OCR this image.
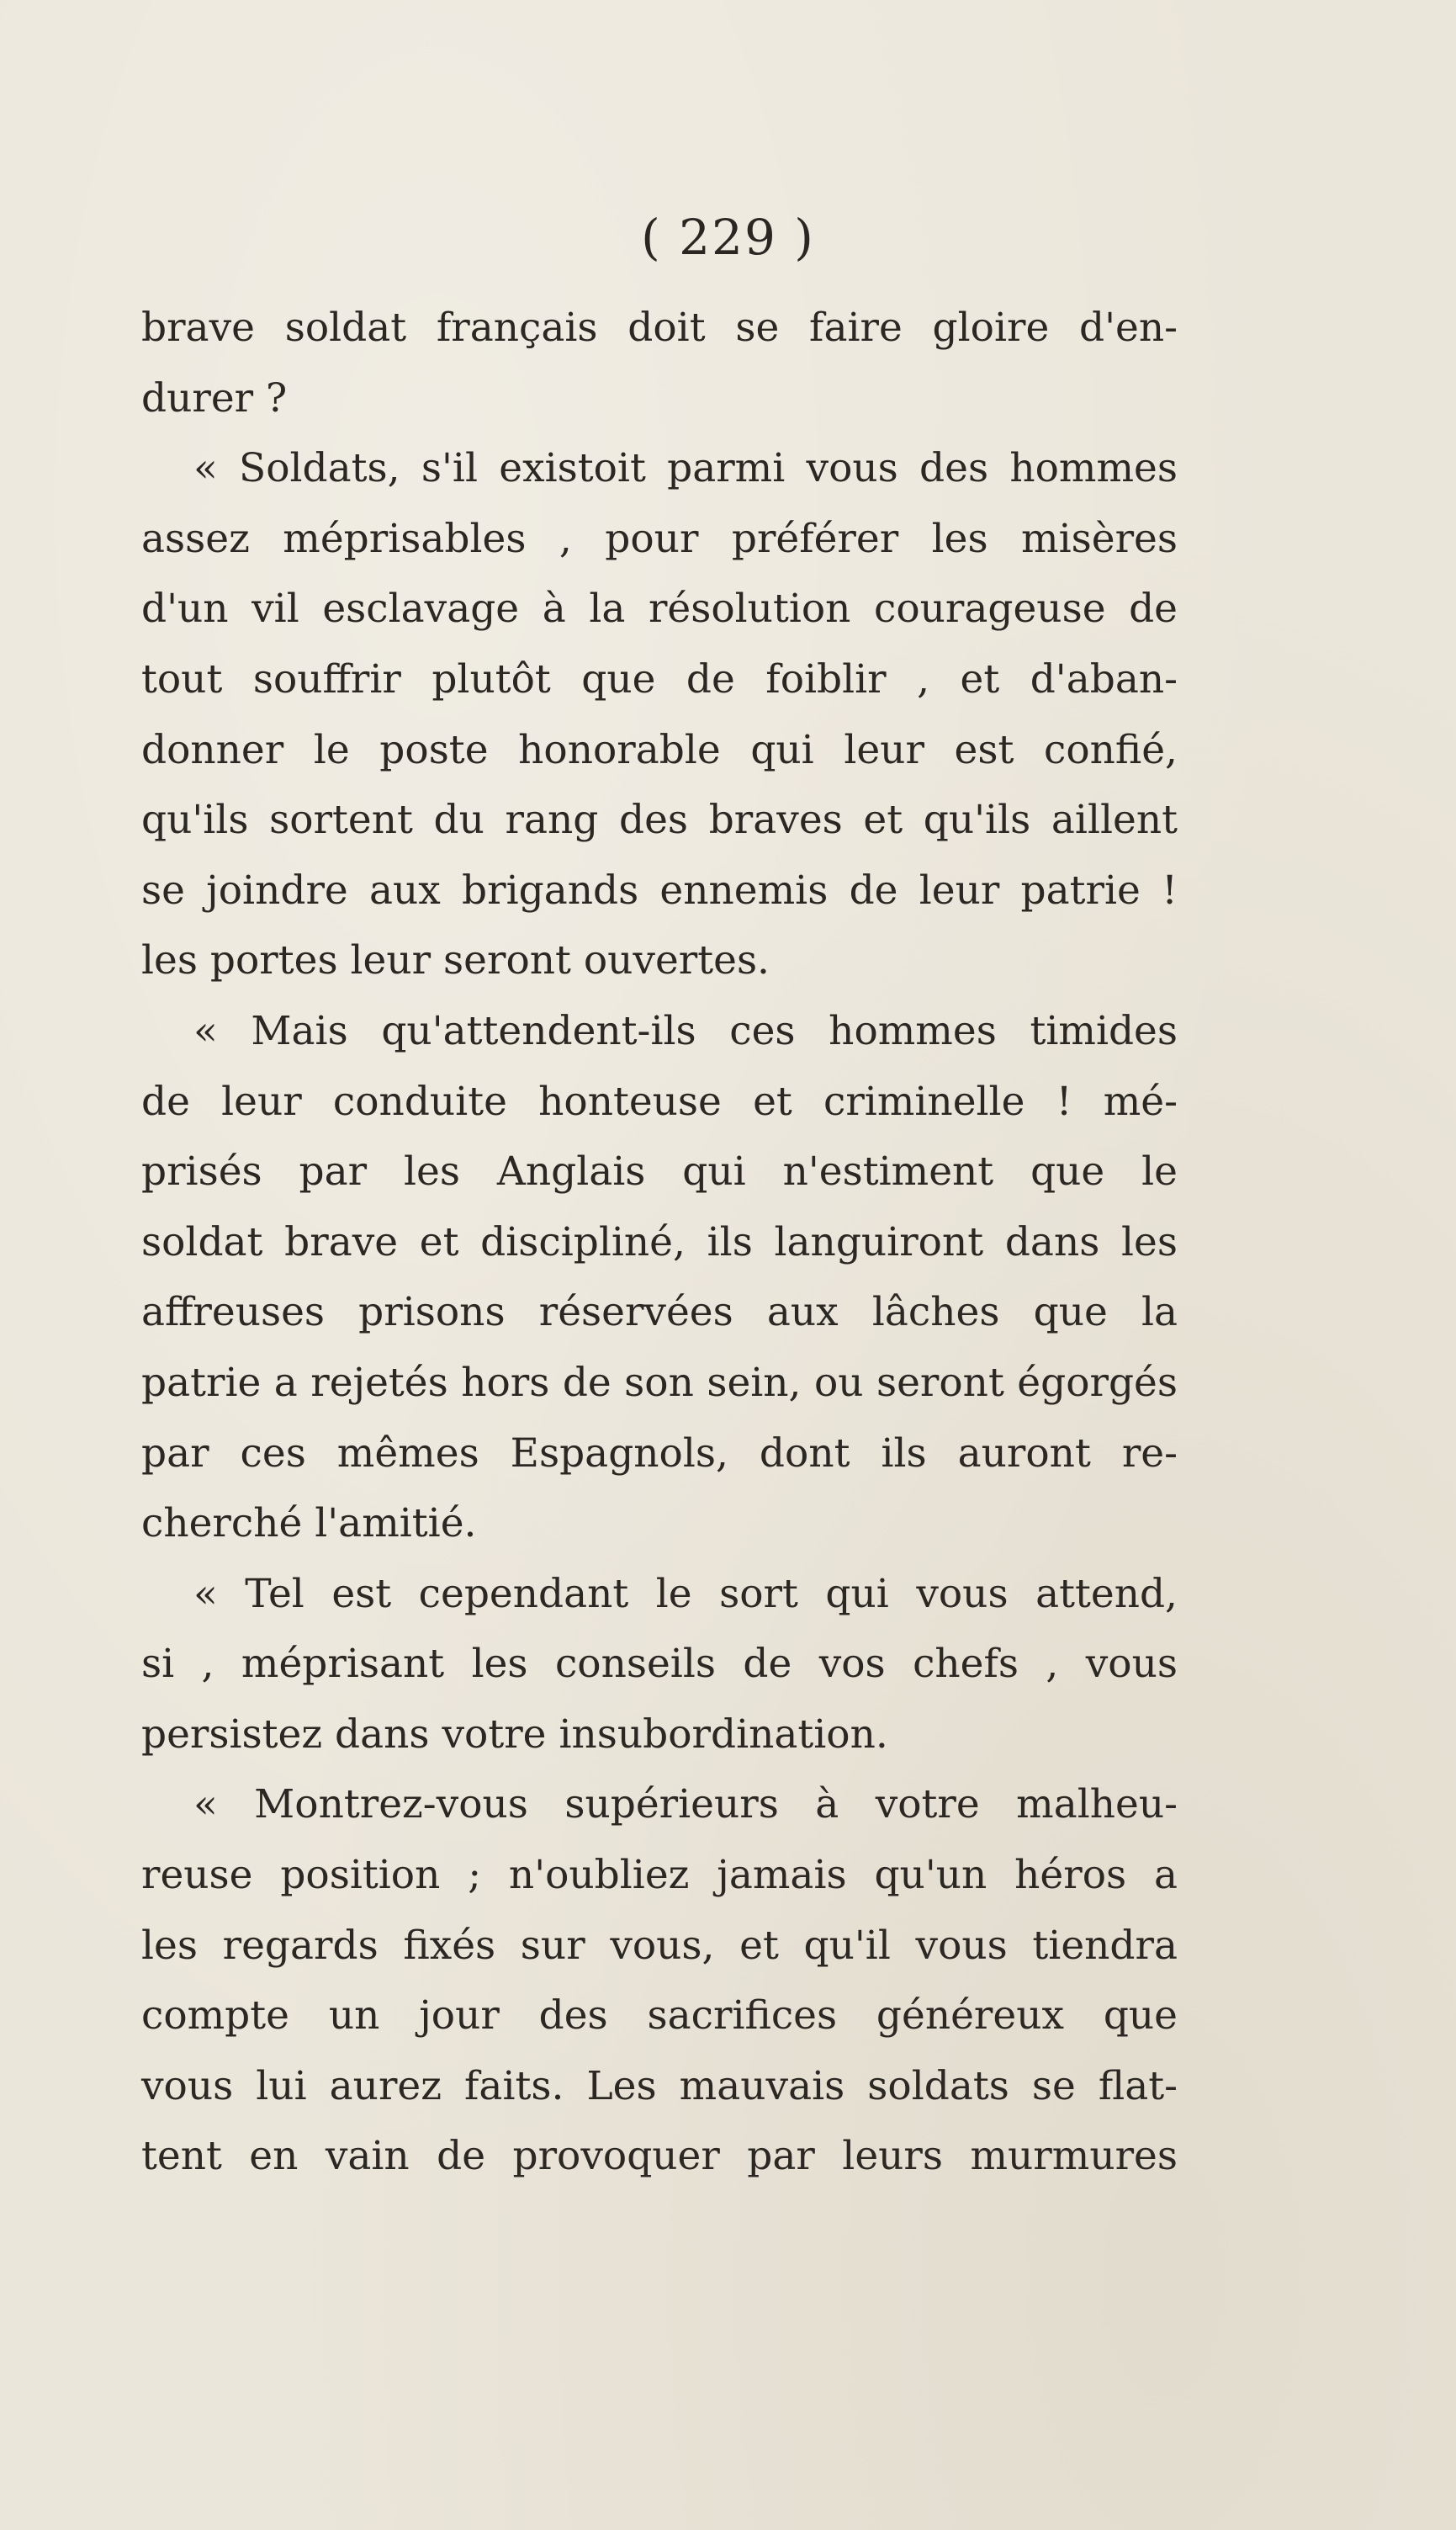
( 229 )
brave soldat français doit se faire gloire d'en-
durer ?
« Soldats, s'il existoit parmi vous des hommes
assez méprisables , pour préférer les misères
d'un vil esclavage à la résolution courageuse de
tout souffrir plutôt que de foiblir , et d'aban-
donner le poste honorable qui leur est confié,
qu'ils sortent du rang des braves et qu'ils aillent
se joindre aux brigands ennemis de leur patrie !
les portes leur seront ouvertes.
« Mais qu'attendent-ils ces hommes timides
de leur conduite honteuse et criminelle ! mé-
prisés par les Anglais qui n'estiment que le
soldat brave et discipliné, ils languiront dans les
affreuses prisons réservées aux lâches que la
patrie a rejetés hors de son sein, ou seront égorgés
par ces mêmes Espagnols, dont ils auront re-
cherché l'amitié.
« Tel est cependant le sort qui vous attend,
si , méprisant les conseils de vos chefs , vous
persistez dans votre insubordination.
« Montrez-vous supérieurs à votre malheu-
reuse position ; n'oubliez jamais qu'un héros a
les regards fixés sur vous, et qu'il vous tiendra
compte un jour des sacrifices généreux que
vous lui aurez faits. Les mauvais soldats se flat-
tent en vain de provoquer par leurs murmures
